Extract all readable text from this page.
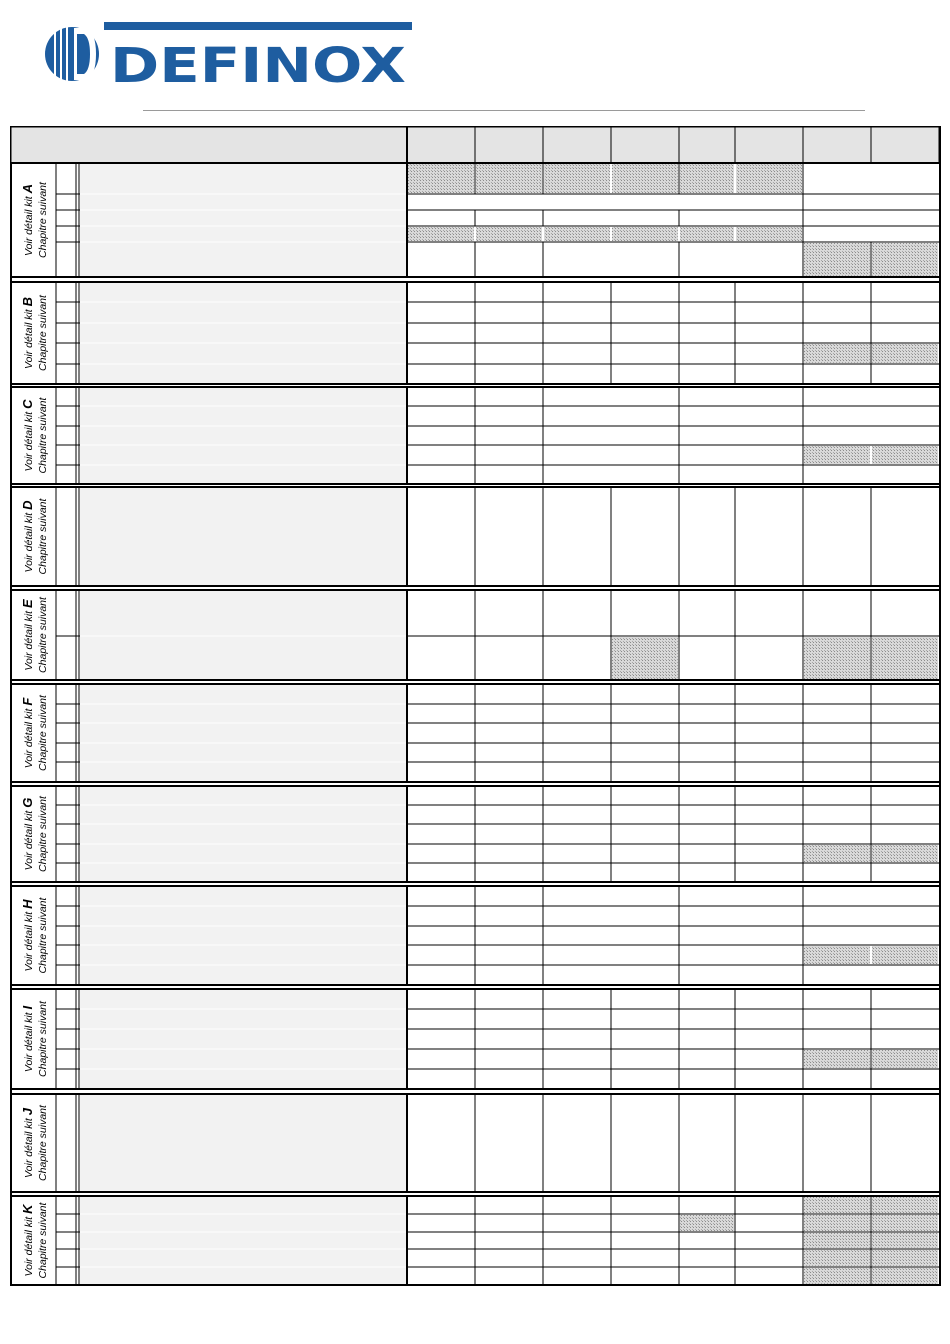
DEFINOX
Voir détail kit A Chapitre suivant
Voir détail kit B Chapitre suivant
Voir détail kit C Chapitre suivant
Voir détail kit D Chapitre suivant
Voir détail kit E Chapitre suivant
Voir détail kit F Chapitre suivant
Voir détail kit G Chapitre suivant
Voir détail kit H Chapitre suivant
Voir détail kit I Chapitre suivant
Voir détail kit J Chapitre suivant
Voir détail kit K Chapitre suivant
